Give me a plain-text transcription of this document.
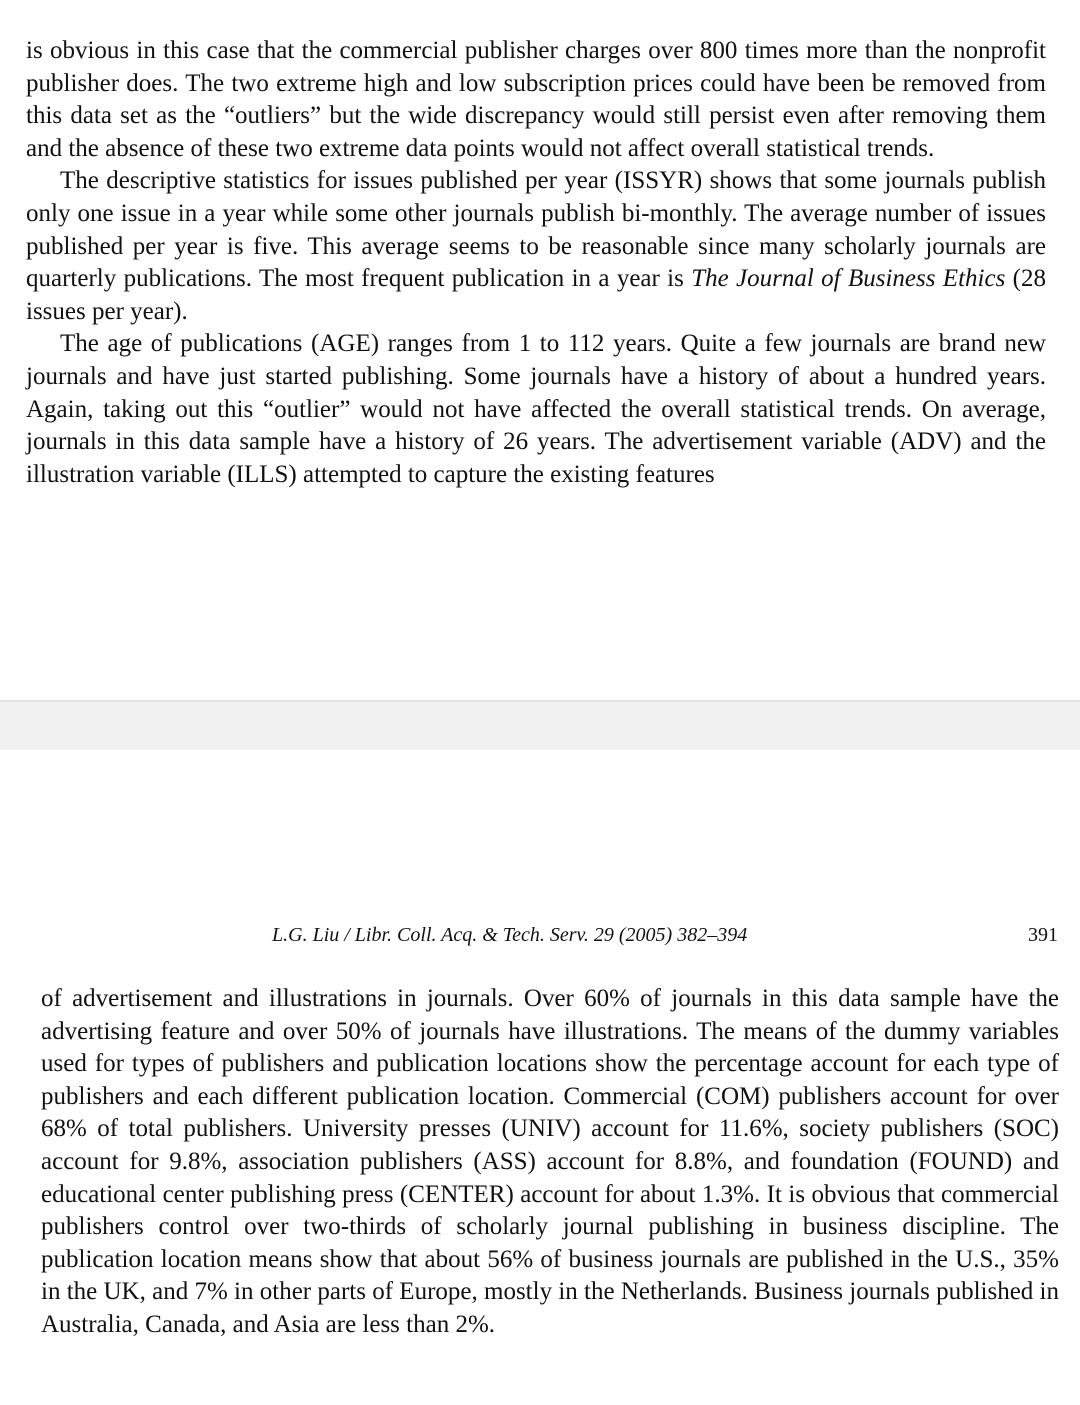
is obvious in this case that the commercial publisher charges over 800 times more than the nonprofit publisher does. The two extreme high and low subscription prices could have been be removed from this data set as the “outliers” but the wide discrepancy would still persist even after removing them and the absence of these two extreme data points would not affect overall statistical trends.

The descriptive statistics for issues published per year (ISSYR) shows that some journals publish only one issue in a year while some other journals publish bi-monthly. The average number of issues published per year is five. This average seems to be reasonable since many scholarly journals are quarterly publications. The most frequent publication in a year is The Journal of Business Ethics (28 issues per year).

The age of publications (AGE) ranges from 1 to 112 years. Quite a few journals are brand new journals and have just started publishing. Some journals have a history of about a hundred years. Again, taking out this “outlier” would not have affected the overall statistical trends. On average, journals in this data sample have a history of 26 years. The advertisement variable (ADV) and the illustration variable (ILLS) attempted to capture the existing features

L.G. Liu / Libr. Coll. Acq. & Tech. Serv. 29 (2005) 382–394	391

of advertisement and illustrations in journals. Over 60% of journals in this data sample have the advertising feature and over 50% of journals have illustrations. The means of the dummy variables used for types of publishers and publication locations show the percentage account for each type of publishers and each different publication location. Commercial (COM) publishers account for over 68% of total publishers. University presses (UNIV) account for 11.6%, society publishers (SOC) account for 9.8%, association publishers (ASS) account for 8.8%, and foundation (FOUND) and educational center publishing press (CENTER) account for about 1.3%. It is obvious that commercial publishers control over two-thirds of scholarly journal publishing in business discipline. The publication location means show that about 56% of business journals are published in the U.S., 35% in the UK, and 7% in other parts of Europe, mostly in the Netherlands. Business journals published in Australia, Canada, and Asia are less than 2%.
